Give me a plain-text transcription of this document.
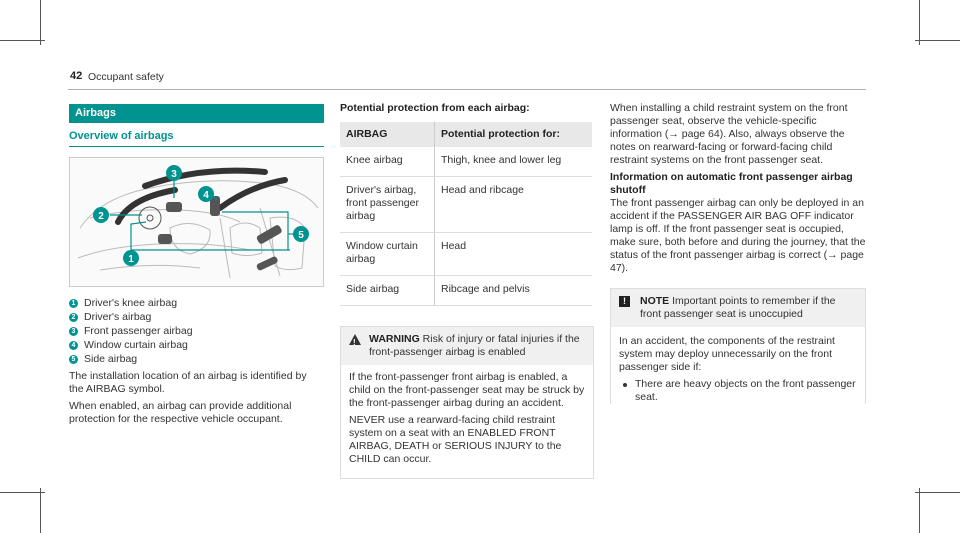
42 Occupant safety
Airbags
Overview of airbags
3
4
2
5
1
1 Driver's knee airbag
2 Driver's airbag
3 Front passenger airbag
4 Window curtain airbag
5 Side airbag

The installation location of an airbag is identified by the AIRBAG symbol.

When enabled, an airbag can provide additional protection for the respective vehicle occupant.

Potential protection from each airbag:
AIRBAG	Potential protection for:
Knee airbag	Thigh, knee and lower leg
Driver's airbag, front passenger airbag	Head and ribcage
Window curtain airbag	Head
Side airbag	Ribcage and pelvis
! WARNING Risk of injury or fatal injuries if the front-passenger airbag is enabled

If the front-passenger front airbag is enabled, a child on the front-passenger seat may be struck by the front-passenger airbag during an accident.

NEVER use a rearward-facing child restraint system on a seat with an ENABLED FRONT AIRBAG, DEATH or SERIOUS INJURY to the CHILD can occur.

When installing a child restraint system on the front passenger seat, observe the vehicle-specific information (→ page 64). Also, always observe the notes on rearward-facing or forward-facing child restraint systems on the front passenger seat.

Information on automatic front passenger airbag shutoff

The front passenger airbag can only be deployed in an accident if the PASSENGER AIR BAG OFF indicator lamp is off. If the front passenger seat is occupied, make sure, both before and during the journey, that the status of the front passenger airbag is correct (→ page 47).

!	NOTE Important points to remember if the front passenger seat is unoccupied

In an accident, the components of the restraint system may deploy unnecessarily on the front passenger side if:

There are heavy objects on the front passenger seat.
